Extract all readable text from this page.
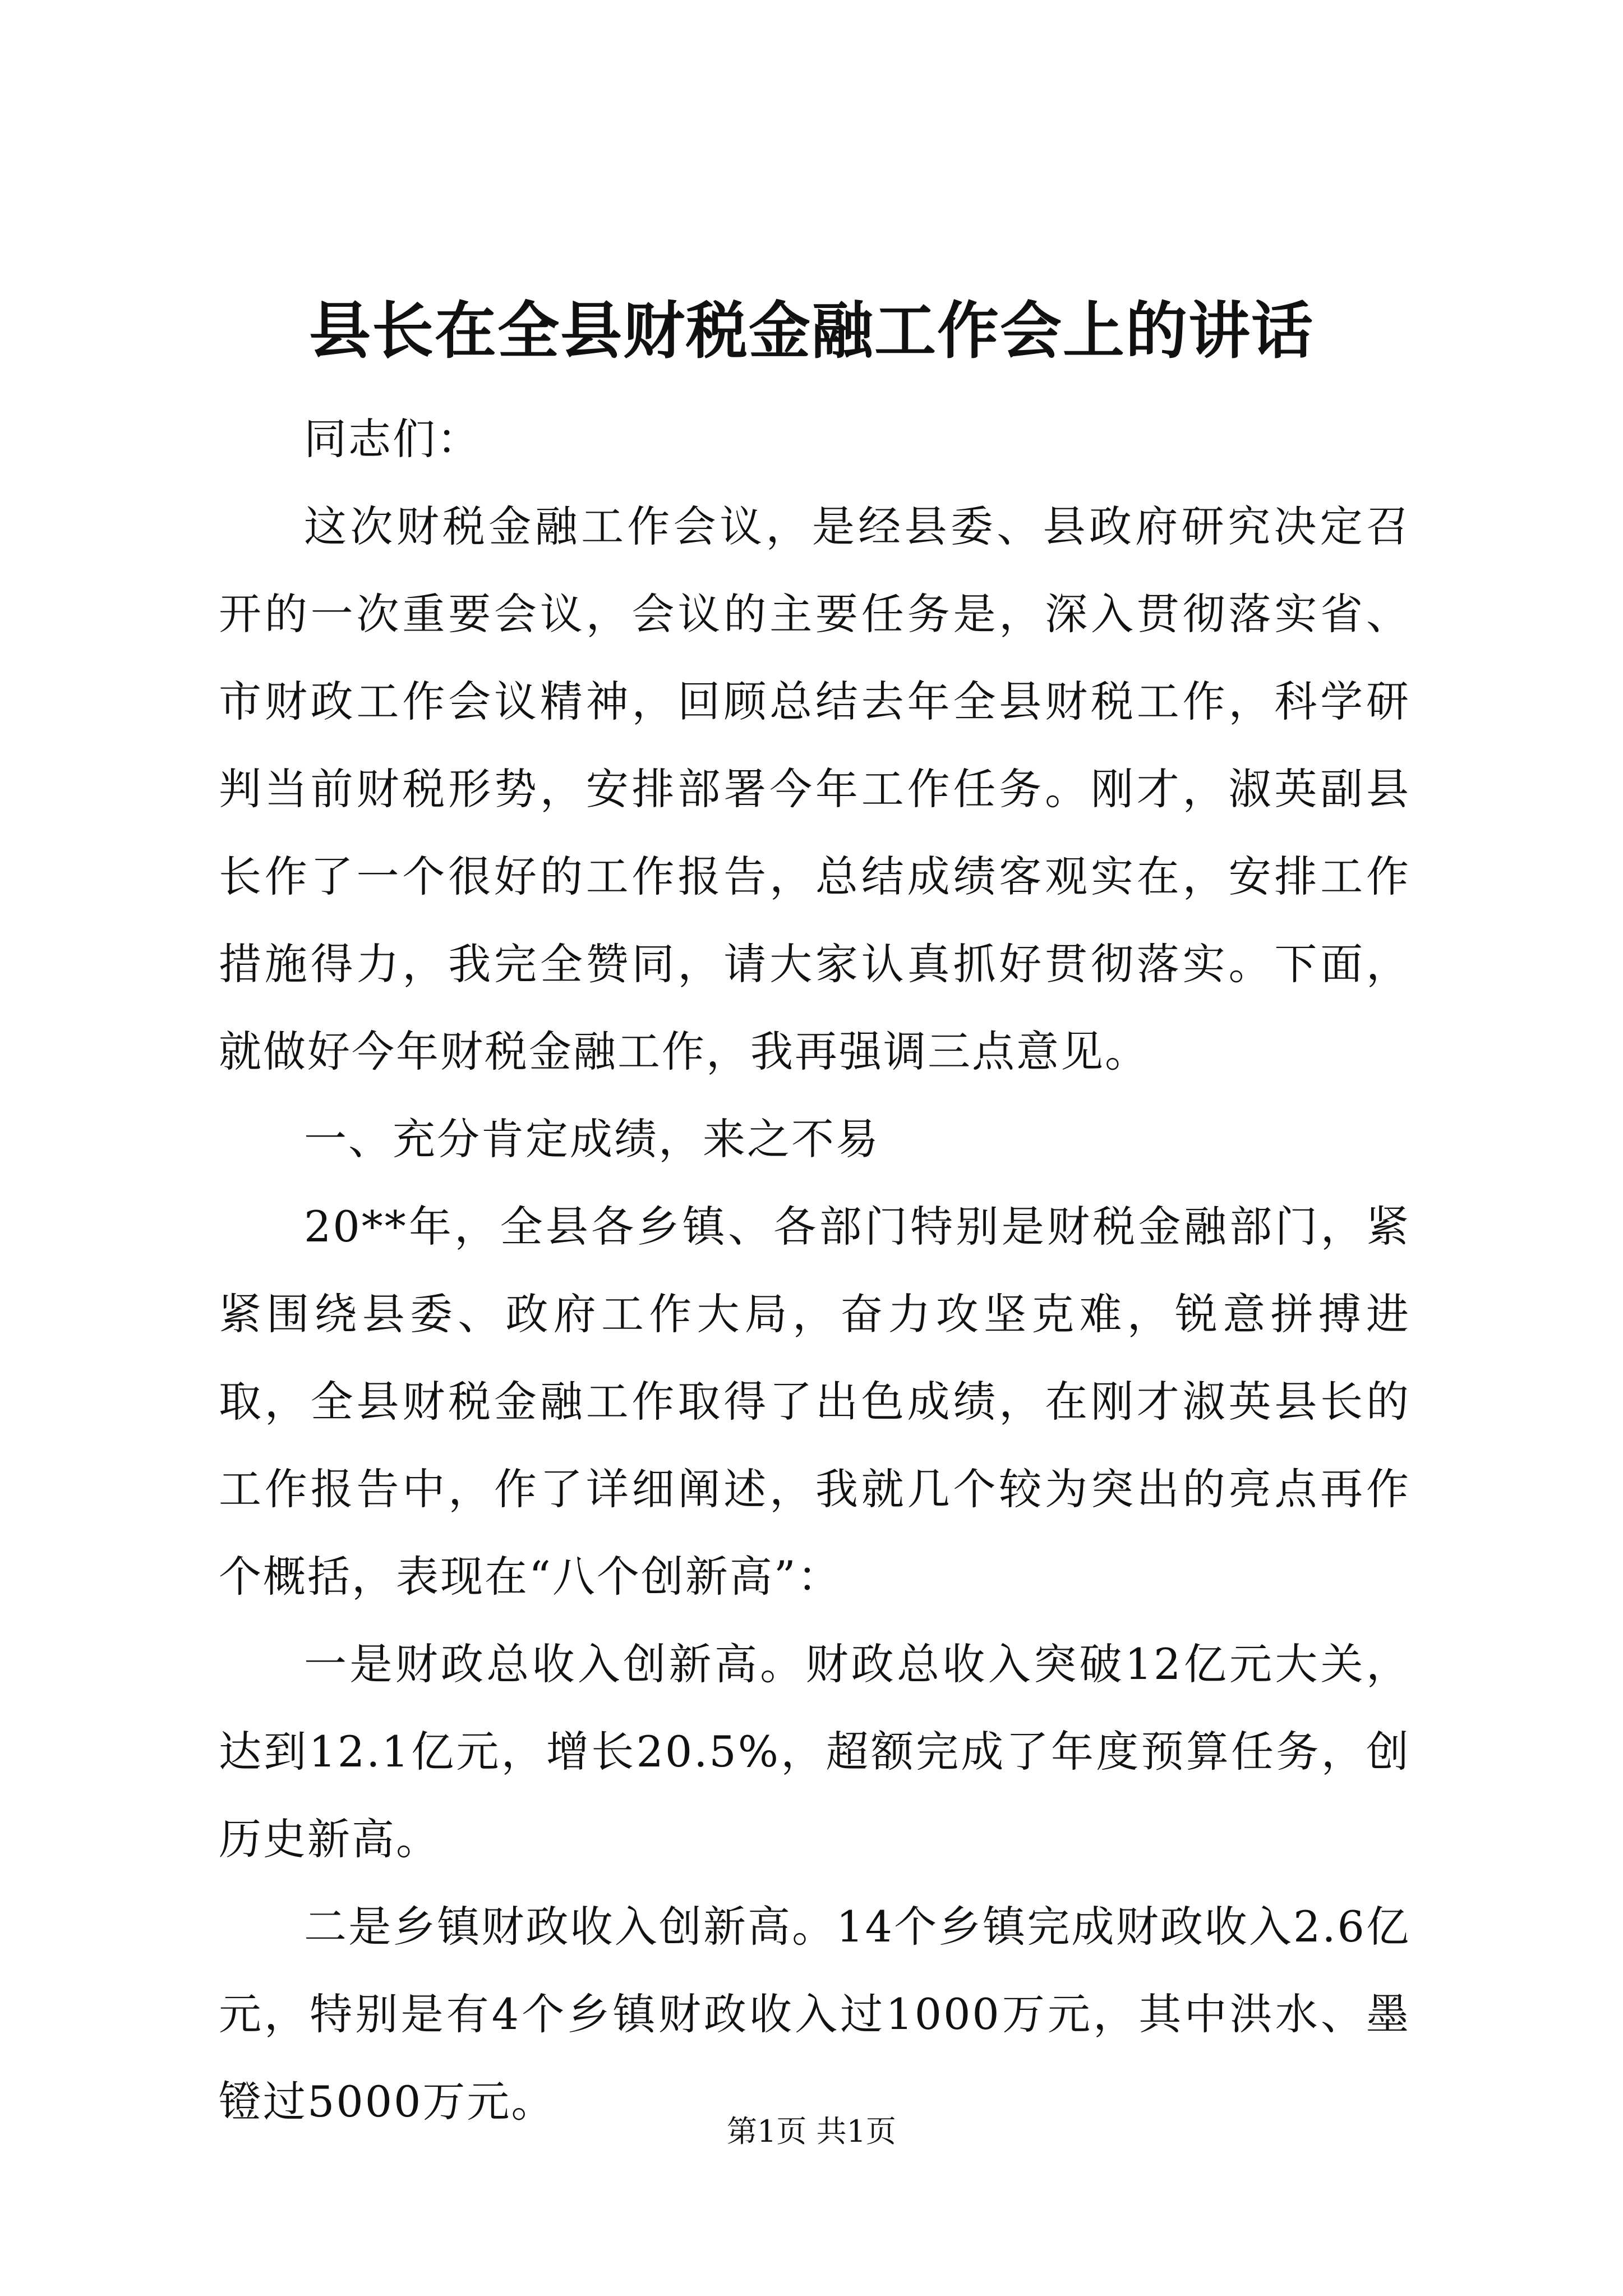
县长在全县财税金融工作会上的讲话

同志们：

这次财税金融工作会议，是经县委、县政府研究决定召开的一次重要会议，会议的主要任务是，深入贯彻落实省、市财政工作会议精神，回顾总结去年全县财税工作，科学研判当前财税形势，安排部署今年工作任务。刚才，淑英副县长作了一个很好的工作报告，总结成绩客观实在，安排工作措施得力，我完全赞同，请大家认真抓好贯彻落实。下面，就做好今年财税金融工作，我再强调三点意见。

一、充分肯定成绩，来之不易

20**年，全县各乡镇、各部门特别是财税金融部门，紧紧围绕县委、政府工作大局，奋力攻坚克难，锐意拼搏进取，全县财税金融工作取得了出色成绩，在刚才淑英县长的工作报告中，作了详细阐述，我就几个较为突出的亮点再作个概括，表现在“八个创新高”：

一是财政总收入创新高。财政总收入突破12亿元大关，达到12.1亿元，增长20.5%，超额完成了年度预算任务，创历史新高。

二是乡镇财政收入创新高。14个乡镇完成财政收入2.6亿元，特别是有4个乡镇财政收入过1000万元，其中洪水、墨镫过5000万元。

第1页 共1页
